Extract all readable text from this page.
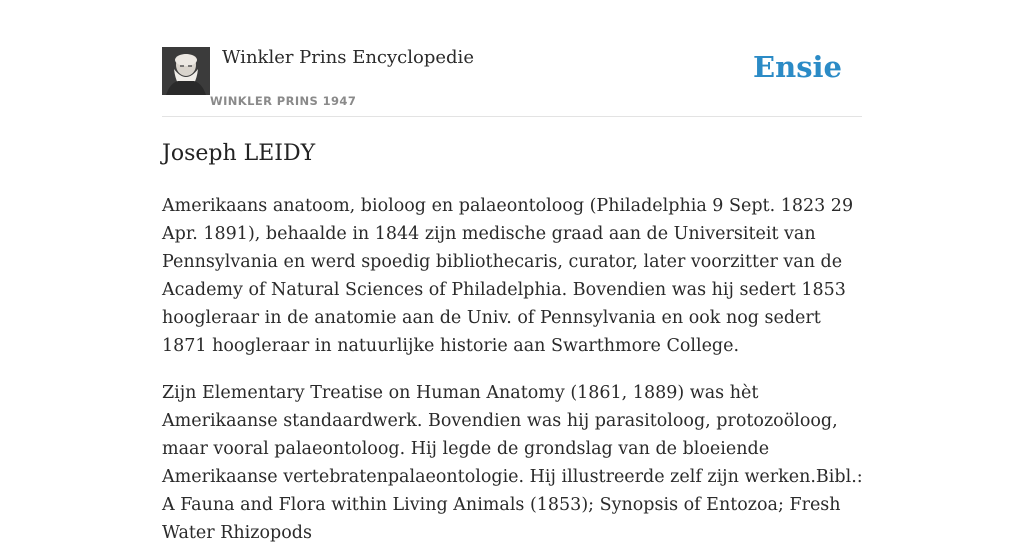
Winkler Prins Encyclopedie
WINKLER PRINS 1947
Ensie
Joseph LEIDY

Amerikaans anatoom, bioloog en palaeontoloog (Philadelphia 9 Sept. 1823 29 Apr. 1891), behaalde in 1844 zijn medische graad aan de Universiteit van Pennsylvania en werd spoedig bibliothecaris, curator, later voorzitter van de Academy of Natural Sciences of Philadelphia. Bovendien was hij sedert 1853 hoogleraar in de anatomie aan de Univ. of Pennsylvania en ook nog sedert 1871 hoogleraar in natuurlijke historie aan Swarthmore College.

Zijn Elementary Treatise on Human Anatomy (1861, 1889) was hèt Amerikaanse standaardwerk. Bovendien was hij parasitoloog, protozoöloog, maar vooral palaeontoloog. Hij legde de grondslag van de bloeiende Amerikaanse vertebratenpalaeontologie. Hij illustreerde zelf zijn werken.Bibl.: A Fauna and Flora within Living Animals (1853); Synopsis of Entozoa; Fresh Water Rhizopods
